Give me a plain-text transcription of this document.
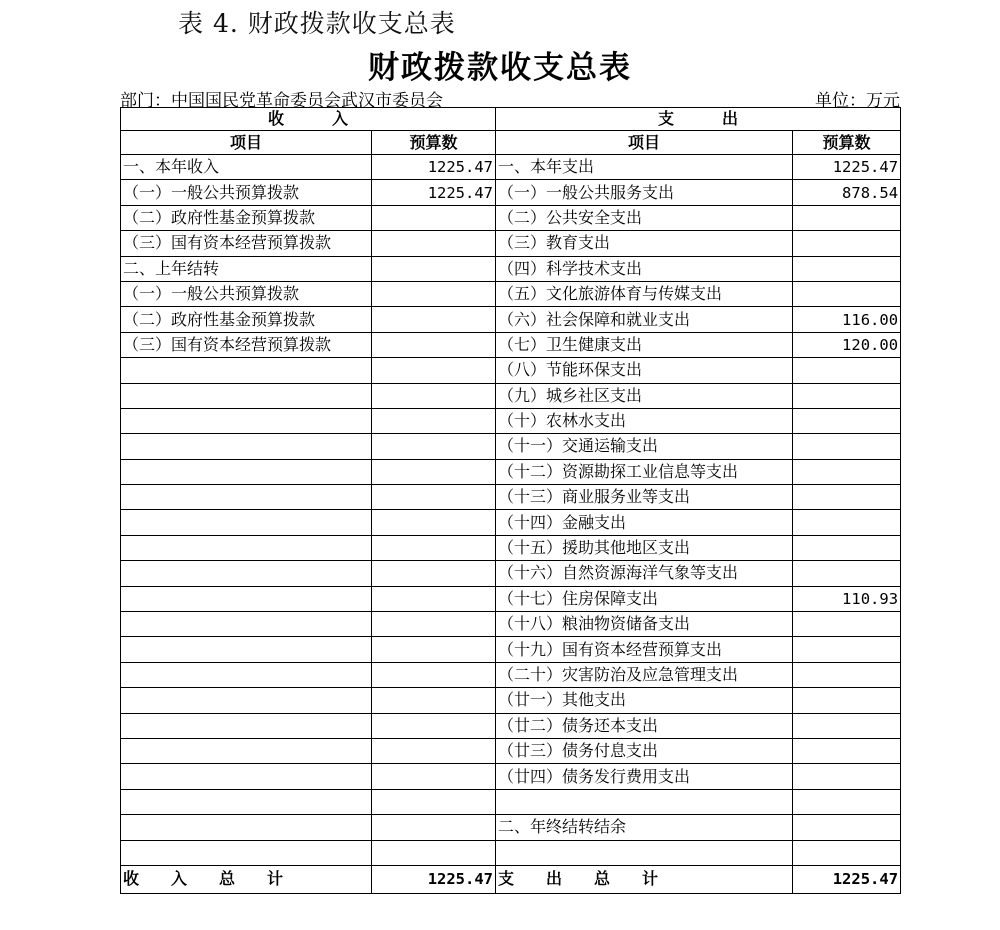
表 4. 财政拨款收支总表
财政拨款收支总表
部门：中国国民党革命委员会武汉市委员会	单位：万元
收　　　入		支　　　出	
项目	预算数	项目	预算数
一、本年收入	1225.47	一、本年支出	1225.47
（一）一般公共预算拨款	1225.47	（一）一般公共服务支出	878.54
（二）政府性基金预算拨款		（二）公共安全支出	
（三）国有资本经营预算拨款		（三）教育支出	
二、上年结转		（四）科学技术支出	
（一）一般公共预算拨款		（五）文化旅游体育与传媒支出	
（二）政府性基金预算拨款		（六）社会保障和就业支出	116.00
（三）国有资本经营预算拨款		（七）卫生健康支出	120.00
		（八）节能环保支出	
		（九）城乡社区支出	
		（十）农林水支出	
		（十一）交通运输支出	
		（十二）资源勘探工业信息等支出	
		（十三）商业服务业等支出	
		（十四）金融支出	
		（十五）援助其他地区支出	
		（十六）自然资源海洋气象等支出	
		（十七）住房保障支出	110.93
		（十八）粮油物资储备支出	
		（十九）国有资本经营预算支出	
		（二十）灾害防治及应急管理支出	
		（廿一）其他支出	
		（廿二）债务还本支出	
		（廿三）债务付息支出	
		（廿四）债务发行费用支出	

		二、年终结转结余	

收　　入　　总　　计	1225.47	支　　出　　总　　计	1225.47
